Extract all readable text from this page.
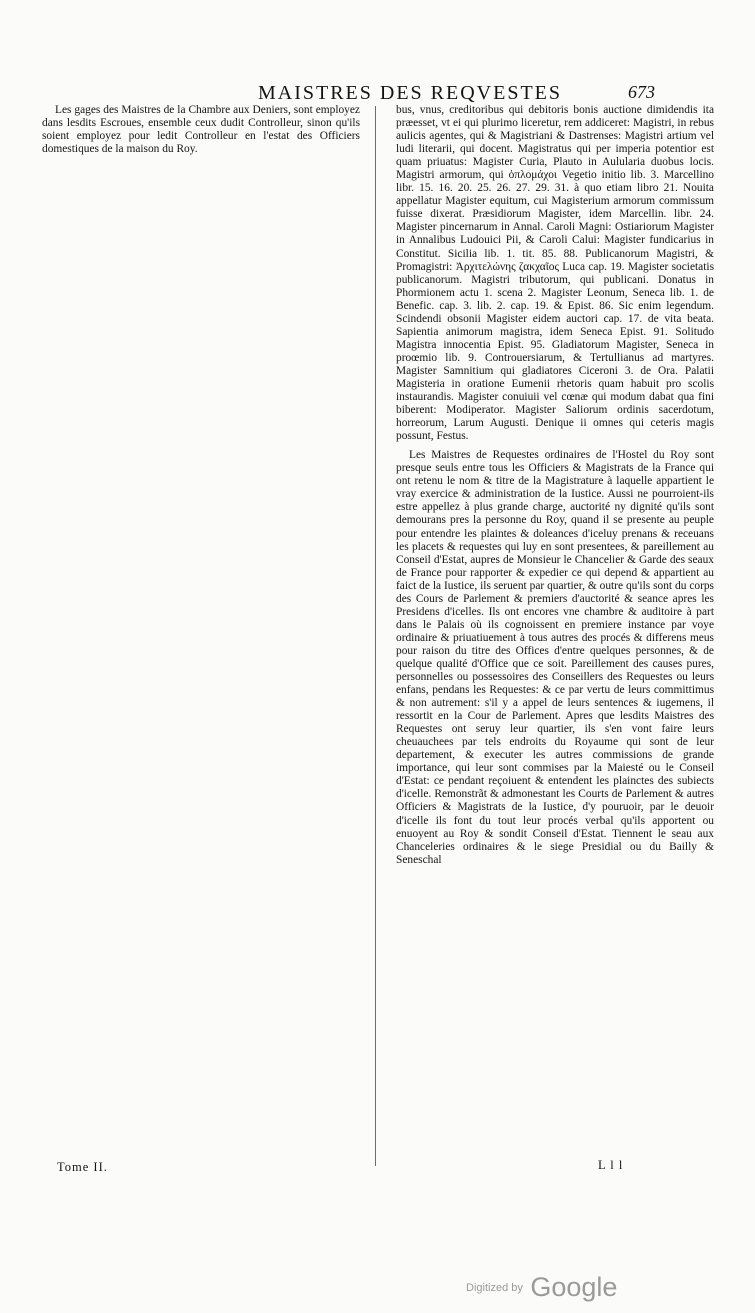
MAISTRES DES REQVESTES	673

Les gages des Maistres de la Chambre aux Deniers, sont employez dans lesdits Escroues, ensemble ceux dudit Controlleur, sinon qu'ils soient employez pour ledit Controlleur en l'estat des Officiers domestiques de la maison du Roy.

bus, vnus, creditoribus qui debitoris bonis auctione dimidendis ita præesset, vt ei qui plurimo liceretur, rem addiceret: Magistri, in rebus aulicis agentes, qui & Magistriani & Dastrenses: Magistri artium vel ludi literarii, qui docent. Magistratus qui per imperia potentior est quam priuatus: Magister Curia, Plauto in Aulularia duobus locis. Magistri armorum, qui ὁπλομάχοι Vegetio initio lib. 3. Marcellino libr. 15. 16. 20. 25. 26. 27. 29. 31. à quo etiam libro 21. Nouita appellatur Magister equitum, cui Magisterium armorum commissum fuisse dixerat. Præsidiorum Magister, idem Marcellin. libr. 24. Magister pincernarum in Annal. Caroli Magni: Ostiariorum Magister in Annalibus Ludouici Pii, & Caroli Calui: Magister fundicarius in Constitut. Sicilia lib. 1. tit. 85. 88. Publicanorum Magistri, & Promagistri: Ἀρχιτελώνης ζακχαῖος Luca cap. 19. Magister societatis publicanorum. Magistri tributorum, qui publicani. Donatus in Phormionem actu 1. scena 2. Magister Leonum, Seneca lib. 1. de Benefic. cap. 3. lib. 2. cap. 19. & Epist. 86. Sic enim legendum. Scindendi obsonii Magister eidem auctori cap. 17. de vita beata. Sapientia animorum magistra, idem Seneca Epist. 91. Solitudo Magistra innocentia Epist. 95. Gladiatorum Magister, Seneca in proœmio lib. 9. Controuersiarum, & Tertullianus ad martyres. Magister Samnitium qui gladiatores Ciceroni 3. de Ora. Palatii Magisteria in oratione Eumenii rhetoris quam habuit pro scolis instaurandis. Magister conuiuii vel cœnæ qui modum dabat qua fini biberent: Modiperator. Magister Saliorum ordinis sacerdotum, horreorum, Larum Augusti. Denique ii omnes qui ceteris magis possunt, Festus.

Les Maistres de Requestes ordinaires de l'Hostel du Roy sont presque seuls entre tous les Officiers & Magistrats de la France qui ont retenu le nom & titre de la Magistrature à laquelle appartient le vray exercice & administration de la Iustice. Aussi ne pourroient-ils estre appellez à plus grande charge, auctorité ny dignité qu'ils sont demourans pres la personne du Roy, quand il se presente au peuple pour entendre les plaintes & doleances d'iceluy prenans & receuans les placets & requestes qui luy en sont presentees, & pareillement au Conseil d'Estat, aupres de Monsieur le Chancelier & Garde des seaux de France pour rapporter & expedier ce qui depend & appartient au faict de la Iustice, ils seruent par quartier, & outre qu'ils sont du corps des Cours de Parlement & premiers d'auctorité & seance apres les Presidens d'icelles. Ils ont encores vne chambre & auditoire à part dans le Palais où ils cognoissent en premiere instance par voye ordinaire & priuatiuement à tous autres des procés & differens meus pour raison du titre des Offices d'entre quelques personnes, & de quelque qualité d'Office que ce soit. Pareillement des causes pures, personnelles ou possessoires des Conseillers des Requestes ou leurs enfans, pendans les Requestes: & ce par vertu de leurs committimus & non autrement: s'il y a appel de leurs sentences & iugemens, il ressortit en la Cour de Parlement. Apres que lesdits Maistres des Requestes ont seruy leur quartier, ils s'en vont faire leurs cheuauchees par tels endroits du Royaume qui sont de leur departement, & executer les autres commissions de grande importance, qui leur sont commises par la Maiesté ou le Conseil d'Estat: ce pendant reçoiuent & entendent les plainctes des subiects d'icelle. Remonstrãt & admonestant les Courts de Parlement & autres Officiers & Magistrats de la Iustice, d'y pouruoir, par le deuoir d'icelle ils font du tout leur procés verbal qu'ils apportent ou enuoyent au Roy & sondit Conseil d'Estat. Tiennent le seau aux Chanceleries ordinaires & le siege Presidial ou du Bailly & Seneschal

Tome II.	L l l
$^{Digitized by}$ Google
